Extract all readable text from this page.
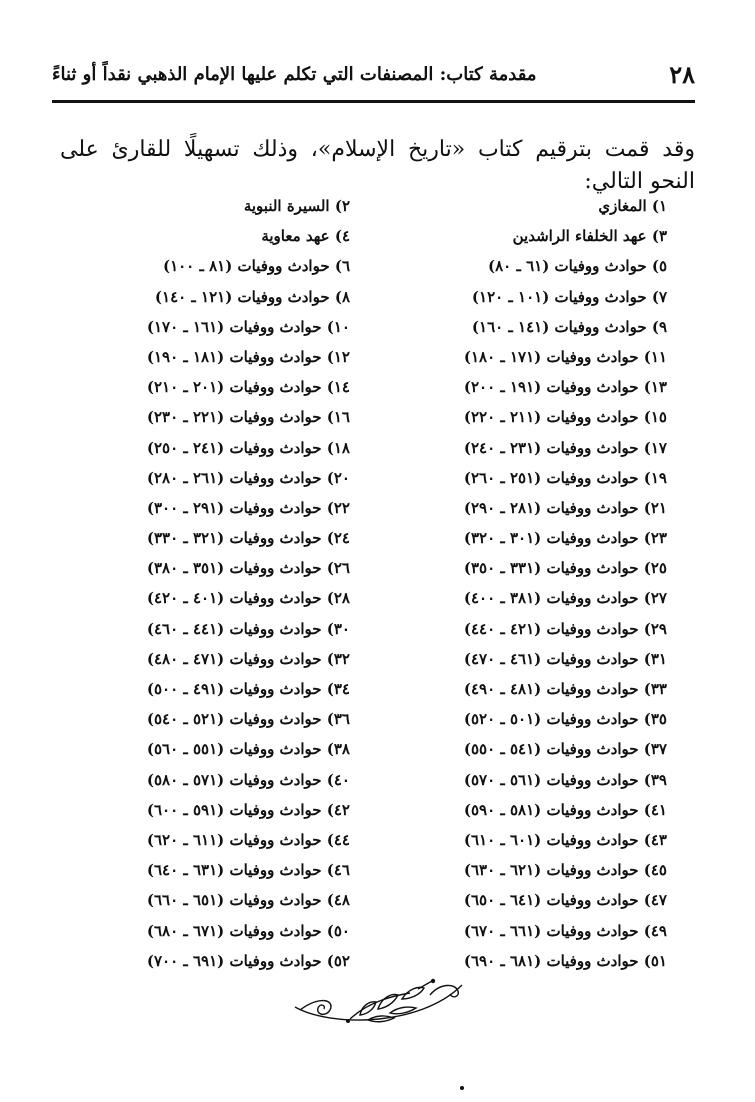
٢٨
مقدمة كتاب: المصنفات التي تكلم عليها الإمام الذهبي نقداً أو ثناءً

وقد قمت بترقيم كتاب «تاريخ الإسلام»، وذلك تسهيلًا للقارئ على النحو التالي:

١) المغازي
٣) عهد الخلفاء الراشدين
٥) حوادث ووفيات (٦١ ـ ٨٠)
٧) حوادث ووفيات (١٠١ ـ ١٢٠)
٩) حوادث ووفيات (١٤١ ـ ١٦٠)
١١) حوادث ووفيات (١٧١ ـ ١٨٠)
١٣) حوادث ووفيات (١٩١ ـ ٢٠٠)
١٥) حوادث ووفيات (٢١١ ـ ٢٢٠)
١٧) حوادث ووفيات (٢٣١ ـ ٢٤٠)
١٩) حوادث ووفيات (٢٥١ ـ ٢٦٠)
٢١) حوادث ووفيات (٢٨١ ـ ٢٩٠)
٢٣) حوادث ووفيات (٣٠١ ـ ٣٢٠)
٢٥) حوادث ووفيات (٣٣١ ـ ٣٥٠)
٢٧) حوادث ووفيات (٣٨١ ـ ٤٠٠)
٢٩) حوادث ووفيات (٤٢١ ـ ٤٤٠)
٣١) حوادث ووفيات (٤٦١ ـ ٤٧٠)
٣٣) حوادث ووفيات (٤٨١ ـ ٤٩٠)
٣٥) حوادث ووفيات (٥٠١ ـ ٥٢٠)
٣٧) حوادث ووفيات (٥٤١ ـ ٥٥٠)
٣٩) حوادث ووفيات (٥٦١ ـ ٥٧٠)
٤١) حوادث ووفيات (٥٨١ ـ ٥٩٠)
٤٣) حوادث ووفيات (٦٠١ ـ ٦١٠)
٤٥) حوادث ووفيات (٦٢١ ـ ٦٣٠)
٤٧) حوادث ووفيات (٦٤١ ـ ٦٥٠)
٤٩) حوادث ووفيات (٦٦١ ـ ٦٧٠)
٥١) حوادث ووفيات (٦٨١ ـ ٦٩٠)
٢) السيرة النبوية
٤) عهد معاوية
٦) حوادث ووفيات (٨١ ـ ١٠٠)
٨) حوادث ووفيات (١٢١ ـ ١٤٠)
١٠) حوادث ووفيات (١٦١ ـ ١٧٠)
١٢) حوادث ووفيات (١٨١ ـ ١٩٠)
١٤) حوادث ووفيات (٢٠١ ـ ٢١٠)
١٦) حوادث ووفيات (٢٢١ ـ ٢٣٠)
١٨) حوادث ووفيات (٢٤١ ـ ٢٥٠)
٢٠) حوادث ووفيات (٢٦١ ـ ٢٨٠)
٢٢) حوادث ووفيات (٢٩١ ـ ٣٠٠)
٢٤) حوادث ووفيات (٣٢١ ـ ٣٣٠)
٢٦) حوادث ووفيات (٣٥١ ـ ٣٨٠)
٢٨) حوادث ووفيات (٤٠١ ـ ٤٢٠)
٣٠) حوادث ووفيات (٤٤١ ـ ٤٦٠)
٣٢) حوادث ووفيات (٤٧١ ـ ٤٨٠)
٣٤) حوادث ووفيات (٤٩١ ـ ٥٠٠)
٣٦) حوادث ووفيات (٥٢١ ـ ٥٤٠)
٣٨) حوادث ووفيات (٥٥١ ـ ٥٦٠)
٤٠) حوادث ووفيات (٥٧١ ـ ٥٨٠)
٤٢) حوادث ووفيات (٥٩١ ـ ٦٠٠)
٤٤) حوادث ووفيات (٦١١ ـ ٦٢٠)
٤٦) حوادث ووفيات (٦٣١ ـ ٦٤٠)
٤٨) حوادث ووفيات (٦٥١ ـ ٦٦٠)
٥٠) حوادث ووفيات (٦٧١ ـ ٦٨٠)
٥٢) حوادث ووفيات (٦٩١ ـ ٧٠٠)
